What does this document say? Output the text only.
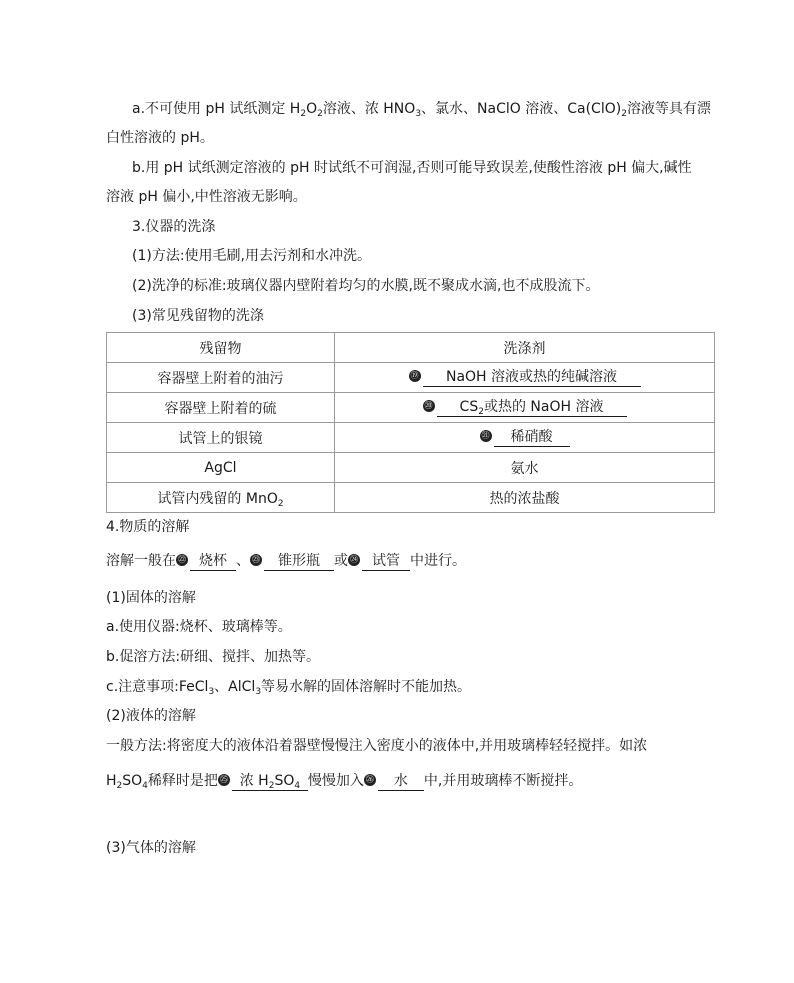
a.不可使用 pH 试纸测定 $H_2O_2$溶液、浓 $HNO_3$、氯水、NaClO 溶液、$Ca(ClO)_2$溶液等具有漂
白性溶液的 pH。
b.用 pH 试纸测定溶液的 pH 时试纸不可润湿,否则可能导致误差,使酸性溶液 pH 偏大,碱性
溶液 pH 偏小,中性溶液无影响。
3.仪器的洗涤
(1)方法:使用毛刷,用去污剂和水冲洗。
(2)洗净的标准:玻璃仪器内壁附着均匀的水膜,既不聚成水滴,也不成股流下。
(3)常见残留物的洗涤
残留物	洗涤剂
容器壁上附着的油污	⑲ NaOH 溶液或热的纯碱溶液
容器壁上附着的硫	⑳ $CS_2$或热的 NaOH 溶液
试管上的银镜	㉑ 稀硝酸
AgCl	氨水
试管内残留的 MnO$_2$	热的浓盐酸
4.物质的溶解
溶解一般在 ㉒ 烧杯 、 ㉓ 锥形瓶 或 ㉔ 试管 中进行。
(1)固体的溶解
a.使用仪器:烧杯、玻璃棒等。
b.促溶方法:研细、搅拌、加热等。
c.注意事项:FeCl$_3$、AlCl$_3$等易水解的固体溶解时不能加热。
(2)液体的溶解
一般方法:将密度大的液体沿着器壁慢慢注入密度小的液体中,并用玻璃棒轻轻搅拌。如浓
$H_2SO_4$稀释时是把 ㉕ 浓 $H_2SO_4$ 慢慢加入 ㉖ 水 中,并用玻璃棒不断搅拌。
(3)气体的溶解
